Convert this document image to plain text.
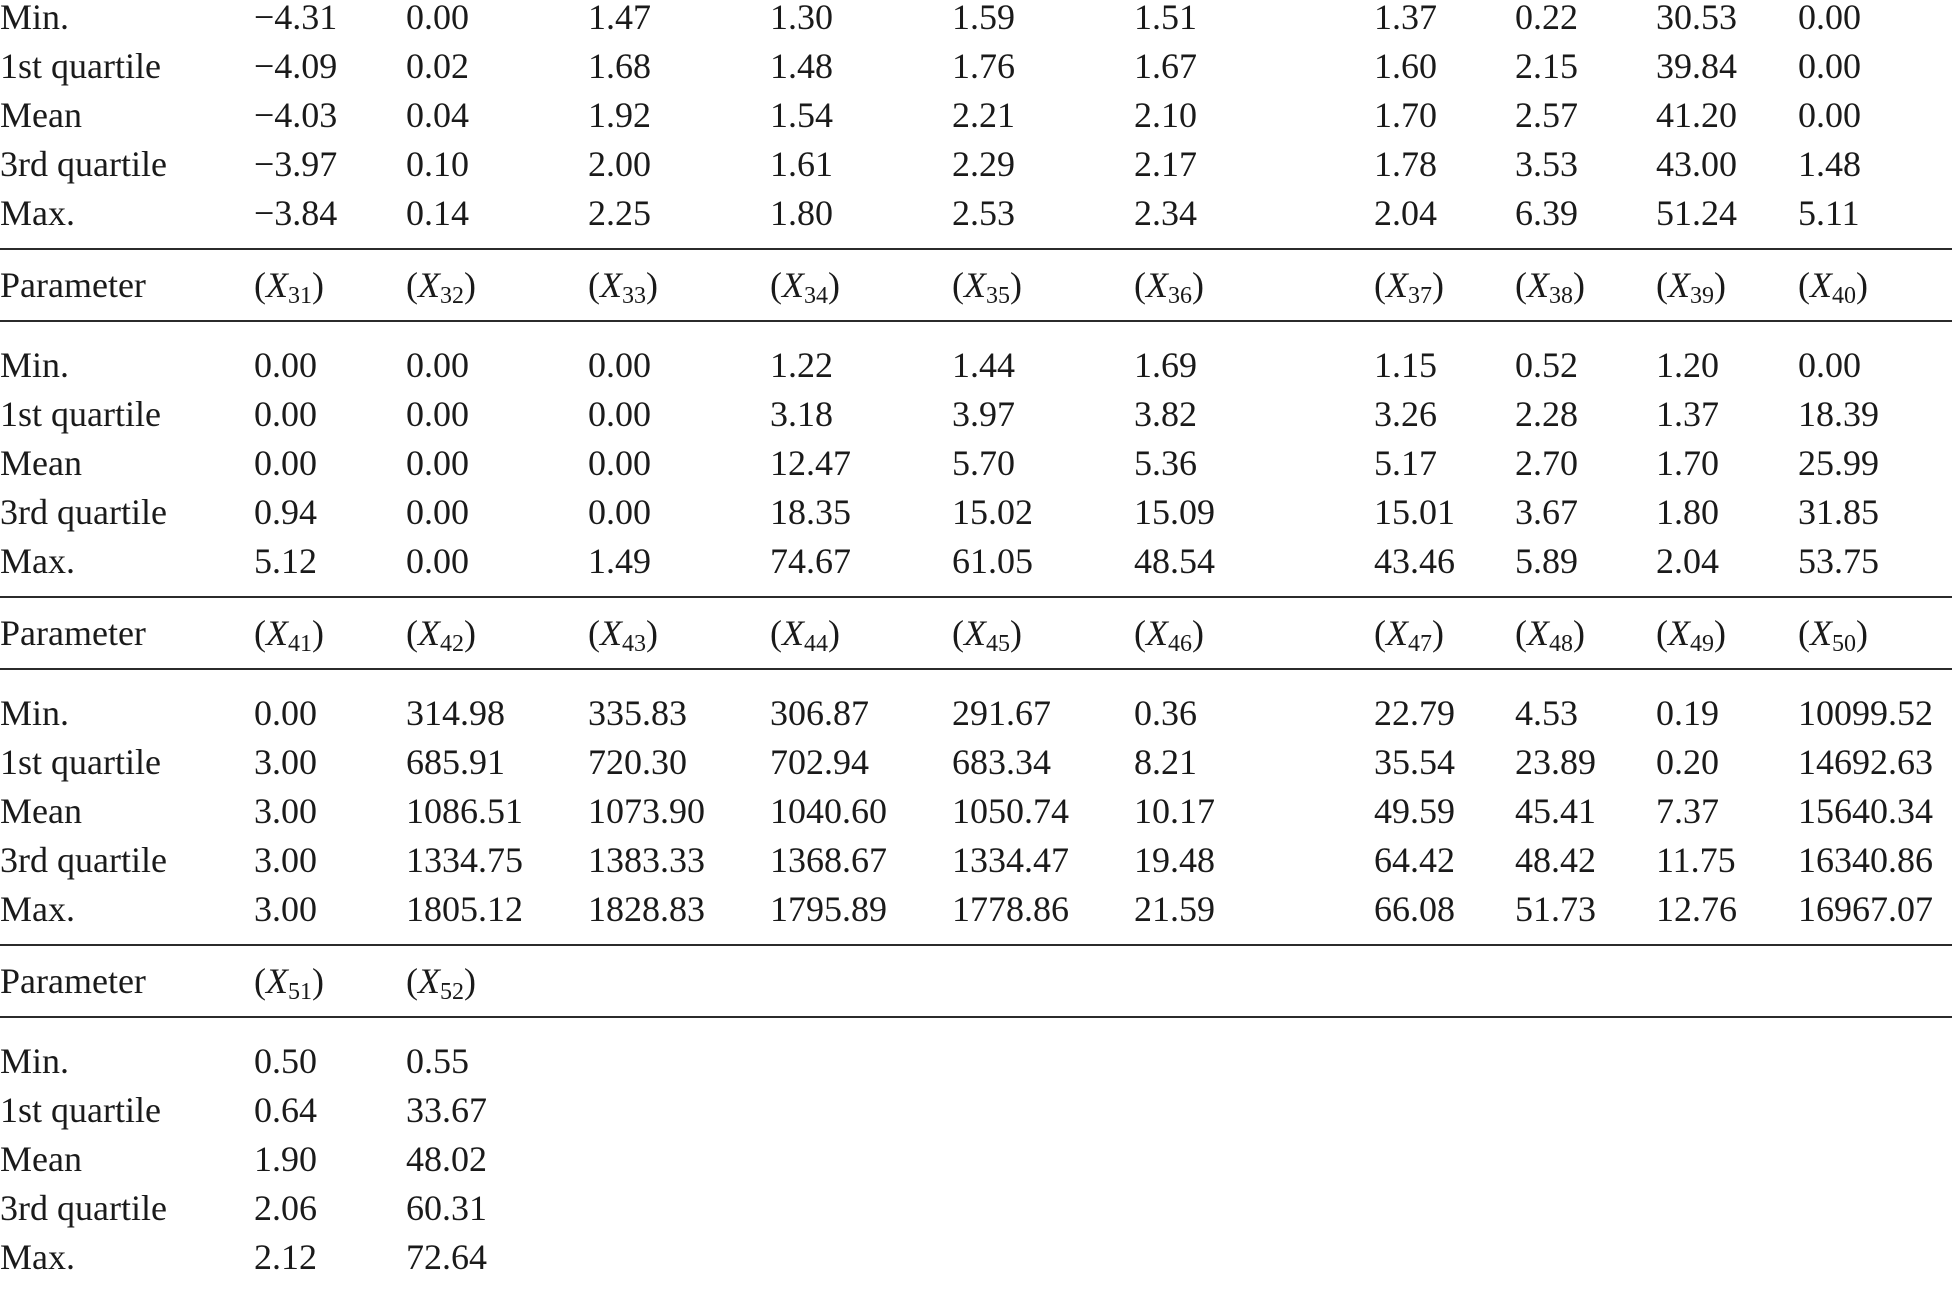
Min.	−4.31 0.00	1.47	1.30	1.59	1.51	1.37 0.22 30.53 0.00
1st quartile	−4.09 0.02	1.68	1.48	1.76	1.67	1.60 2.15 39.84 0.00
Mean	−4.03 0.04	1.92	1.54	2.21	2.10	1.70 2.57 41.20 0.00
3rd quartile −3.97 0.10	2.00	1.61	2.29	2.17	1.78 3.53 43.00 1.48
Max.	−3.84 0.14	2.25	1.80	2.53	2.34	2.04 6.39 51.24 5.11
Parameter	$(X_{31})$ $(X_{32})$	$(X_{33})$	$(X_{34})$	$(X_{35})$	$(X_{36})$	$(X_{37})$ $(X_{38})$ $(X_{39})$ $(X_{40})$
Min.	0.00 0.00	0.00	1.22	1.44	1.69	1.15 0.52 1.20 0.00
1st quartile	0.00 0.00	0.00	3.18	3.97	3.82	3.26 2.28 1.37 18.39
Mean	0.00 0.00	0.00	12.47	5.70	5.36	5.17 2.70 1.70 25.99
3rd quartile 0.94 0.00	0.00	18.35	15.02	15.09	15.01 3.67 1.80 31.85
Max.	5.12 0.00	1.49	74.67	61.05	48.54	43.46 5.89 2.04 53.75
Parameter	$(X_{41})$ $(X_{42})$	$(X_{43})$	$(X_{44})$	$(X_{45})$	$(X_{46})$	$(X_{47})$ $(X_{48})$ $(X_{49})$ $(X_{50})$
Min.	0.00 314.98 335.83 306.87 291.67 0.36	22.79 4.53 0.19 10099.52
1st quartile	3.00 685.91 720.30 702.94 683.34 8.21	35.54 23.89 0.20 14692.63
Mean	3.00 1086.51 1073.90 1040.60 1050.74 10.17	49.59 45.41 7.37 15640.34
3rd quartile 3.00 1334.75 1383.33 1368.67 1334.47 19.48	64.42 48.42 11.75 16340.86
Max.	3.00 1805.12 1828.83 1795.89 1778.86 21.59	66.08 51.73 12.76 16967.07
Parameter	$(X_{51})$ $(X_{52})$
Min.	0.50 0.55
1st quartile	0.64 33.67
Mean	1.90 48.02
3rd quartile 2.06 60.31
Max.	2.12 72.64
